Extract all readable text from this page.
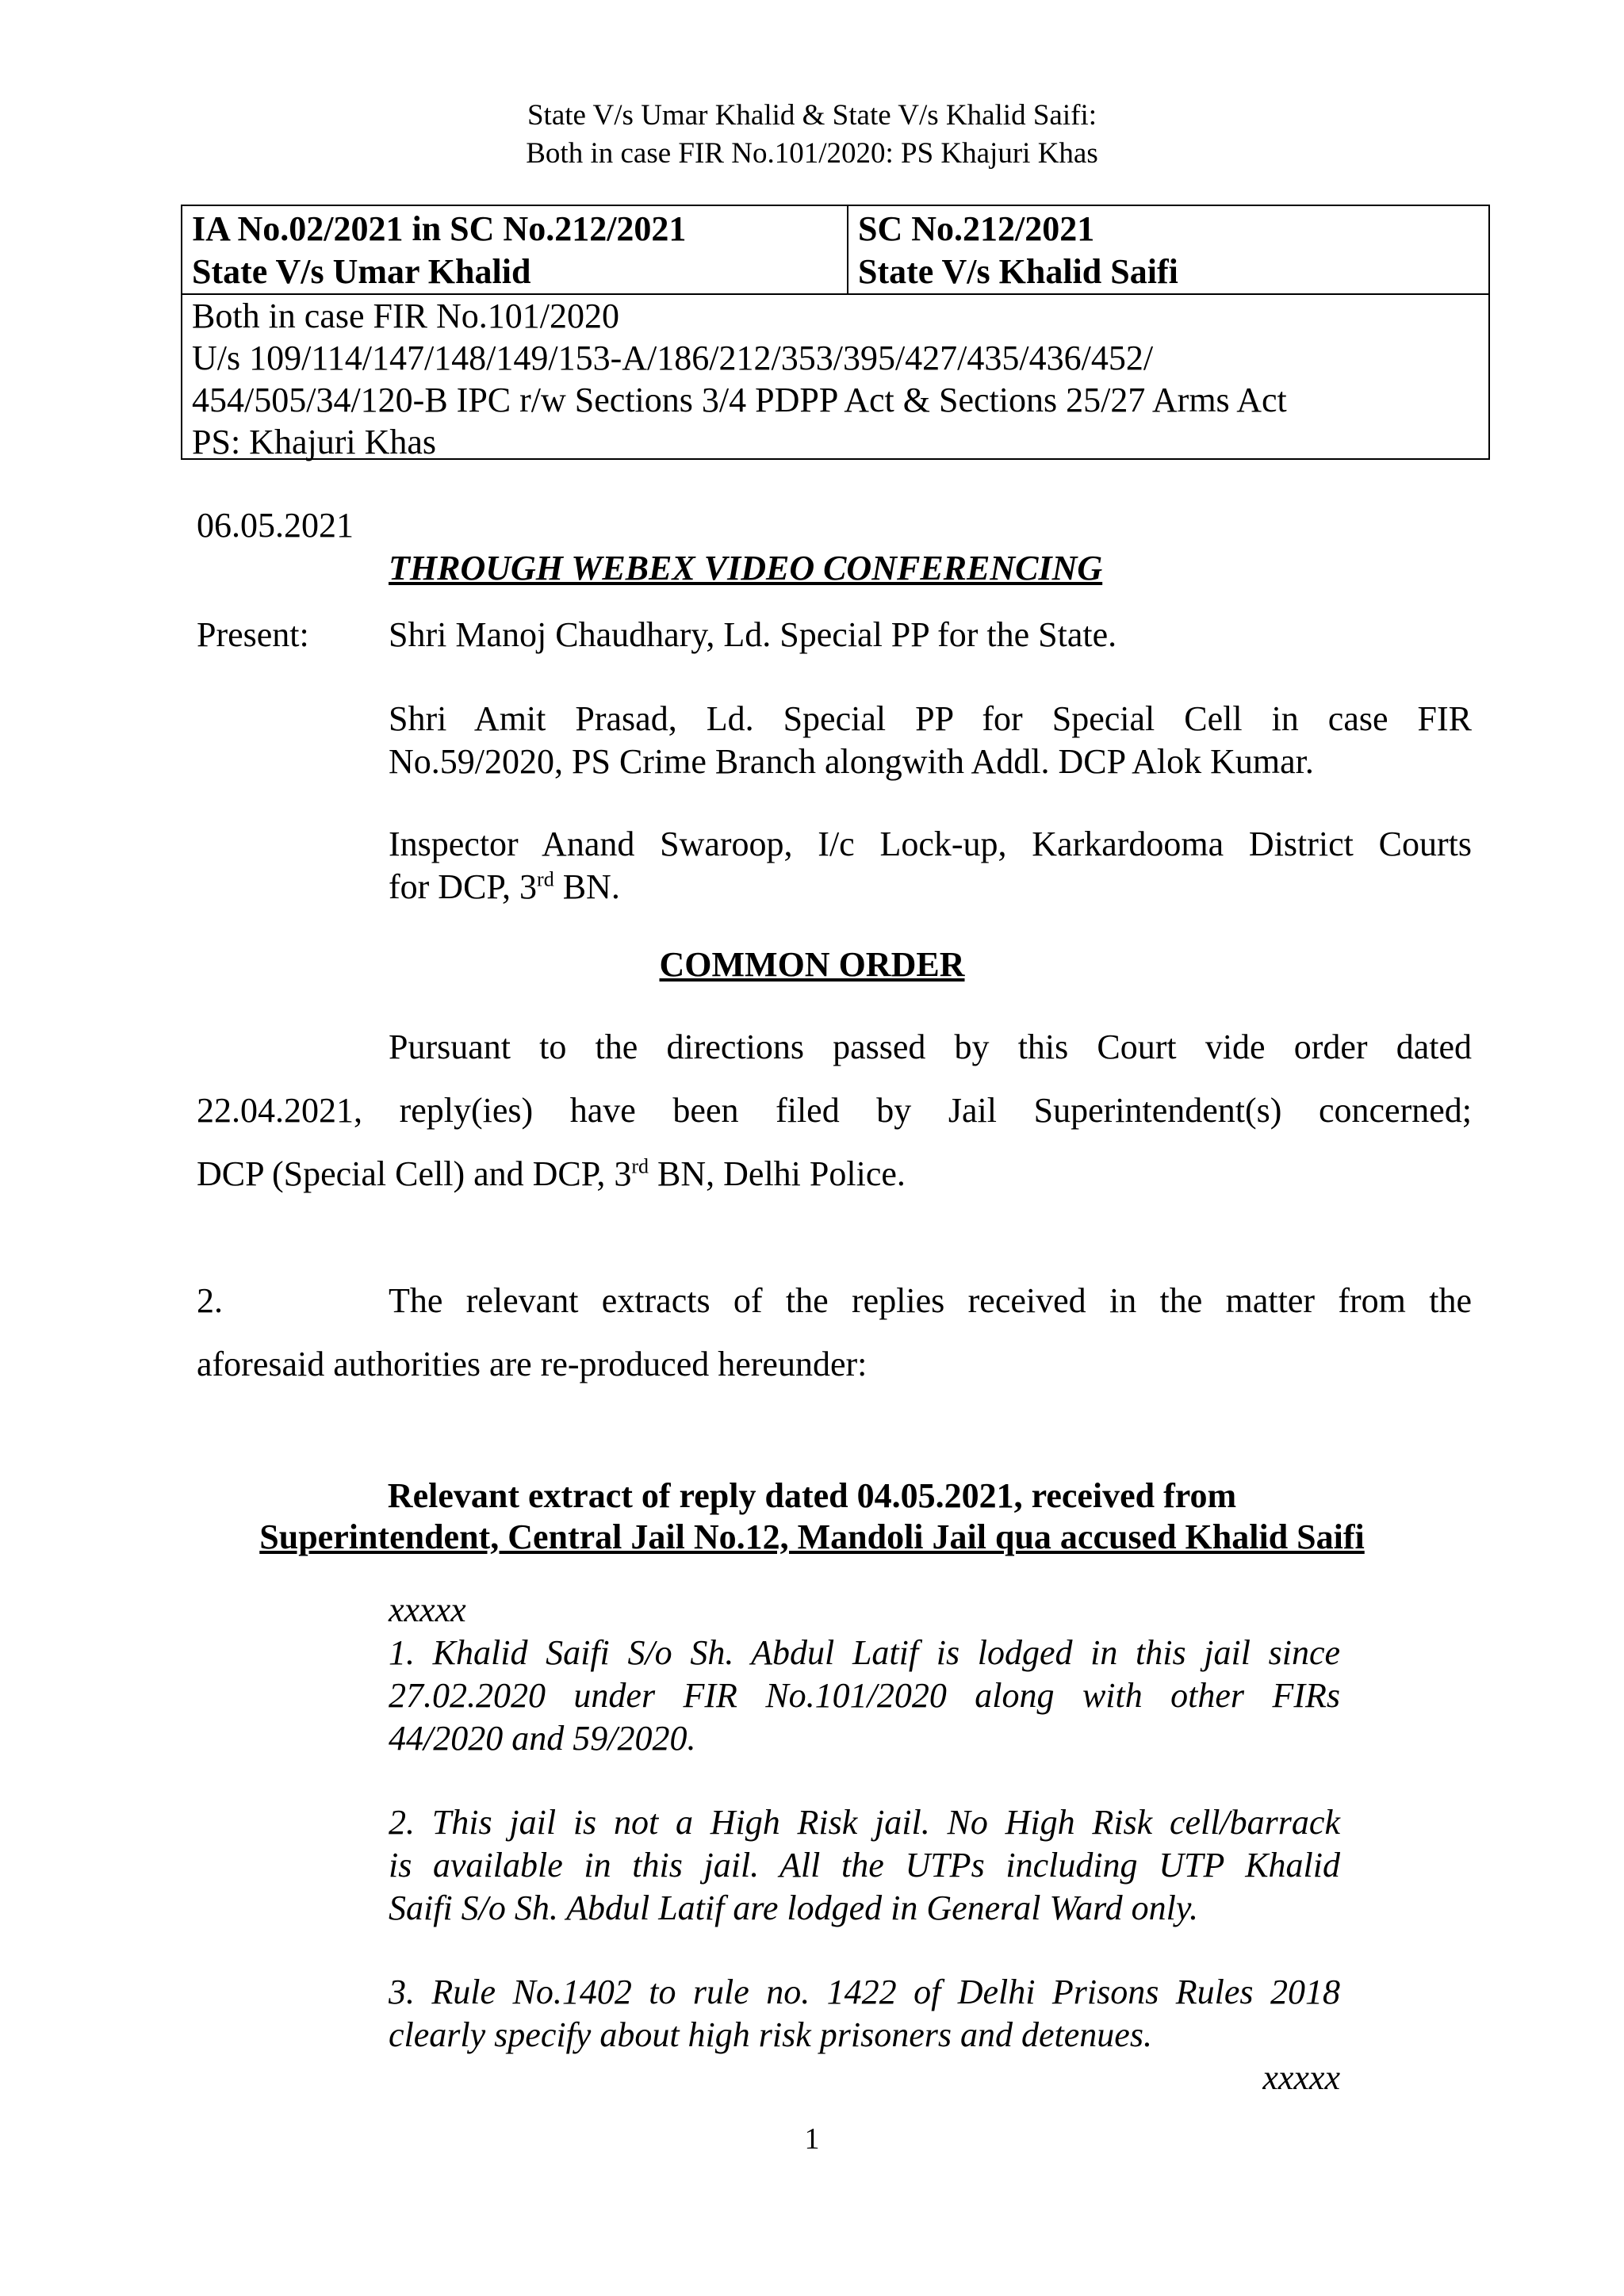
State V/s Umar Khalid & State V/s Khalid Saifi:
Both in case FIR No.101/2020: PS Khajuri Khas
IA No.02/2021 in SC No.212/2021
State V/s Umar Khalid
SC No.212/2021
State V/s Khalid Saifi
Both in case FIR No.101/2020
U/s 109/114/147/148/149/153-A/186/212/353/395/427/435/436/452/
454/505/34/120-B IPC r/w Sections 3/4 PDPP Act & Sections 25/27 Arms Act
PS: Khajuri Khas
06.05.2021
THROUGH WEBEX VIDEO CONFERENCING
Present: Shri Manoj Chaudhary, Ld. Special PP for the State.
Shri Amit Prasad, Ld. Special PP for Special Cell in case FIR
No.59/2020, PS Crime Branch alongwith Addl. DCP Alok Kumar.
Inspector Anand Swaroop, I/c Lock-up, Karkardooma District Courts
for DCP, 3rd BN.
COMMON ORDER
Pursuant to the directions passed by this Court vide order dated
22.04.2021, reply(ies) have been filed by Jail Superintendent(s) concerned;
DCP (Special Cell) and DCP, 3rd BN, Delhi Police.
2.	The relevant extracts of the replies received in the matter from the
aforesaid authorities are re-produced hereunder:
Relevant extract of reply dated 04.05.2021, received from
Superintendent, Central Jail No.12, Mandoli Jail qua accused Khalid Saifi
xxxxx
1. Khalid Saifi S/o Sh. Abdul Latif is lodged in this jail since
27.02.2020 under FIR No.101/2020 along with other FIRs
44/2020 and 59/2020.
2. This jail is not a High Risk jail. No High Risk cell/barrack
is available in this jail. All the UTPs including UTP Khalid
Saifi S/o Sh. Abdul Latif are lodged in General Ward only.
3. Rule No.1402 to rule no. 1422 of Delhi Prisons Rules 2018
clearly specify about high risk prisoners and detenues.
xxxxx
1
